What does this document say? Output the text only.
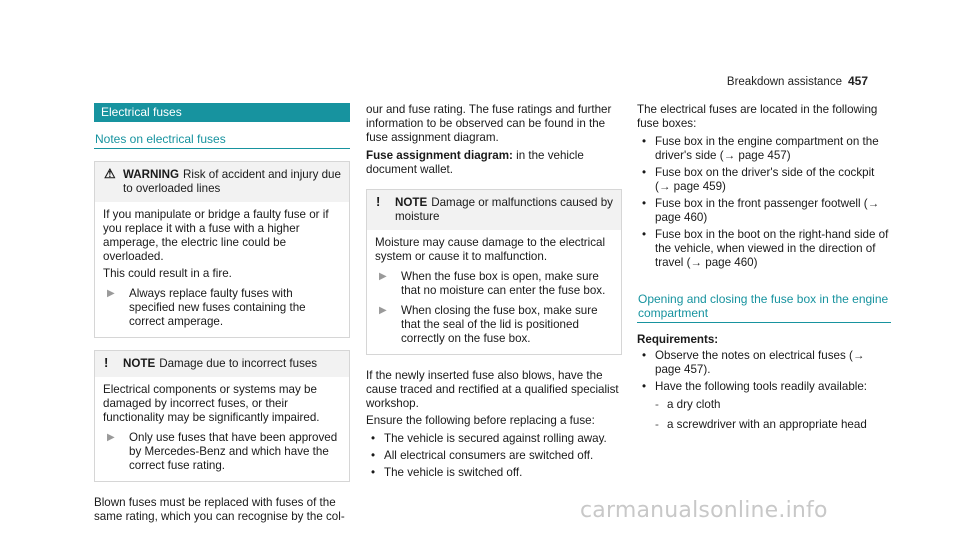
Breakdown assistance 457
Electrical fuses
Notes on electrical fuses
⚠ WARNING Risk of accident and injury due to overloaded lines

If you manipulate or bridge a faulty fuse or if you replace it with a fuse with a higher amperage, the electric line could be overloaded.

This could result in a fire.

▶	Always replace faulty fuses with specified new fuses containing the correct amperage.
! NOTE Damage due to incorrect fuses

Electrical components or systems may be damaged by incorrect fuses, or their functionality may be significantly impaired.

▶	Only use fuses that have been approved by Mercedes-Benz and which have the correct fuse rating.

Blown fuses must be replaced with fuses of the same rating, which you can recognise by the col-

our and fuse rating. The fuse ratings and further information to be observed can be found in the fuse assignment diagram.

Fuse assignment diagram: in the vehicle document wallet.

! NOTE Damage or malfunctions caused by moisture

Moisture may cause damage to the electrical system or cause it to malfunction.

▶	When the fuse box is open, make sure that no moisture can enter the fuse box.
▶	When closing the fuse box, make sure that the seal of the lid is positioned correctly on the fuse box.

If the newly inserted fuse also blows, have the cause traced and rectified at a qualified specialist workshop.

Ensure the following before replacing a fuse:

• The vehicle is secured against rolling away.
• All electrical consumers are switched off.
• The vehicle is switched off.

The electrical fuses are located in the following fuse boxes:

• Fuse box in the engine compartment on the driver's side (→ page 457)
• Fuse box on the driver's side of the cockpit (→ page 459)
• Fuse box in the front passenger footwell (→ page 460)
• Fuse box in the boot on the right-hand side of the vehicle, when viewed in the direction of travel (→ page 460)
Opening and closing the fuse box in the engine compartment
Requirements:
• Observe the notes on electrical fuses (→ page 457).
• Have the following tools readily available:
- a dry cloth
- a screwdriver with an appropriate head
carmanualsonline.info
